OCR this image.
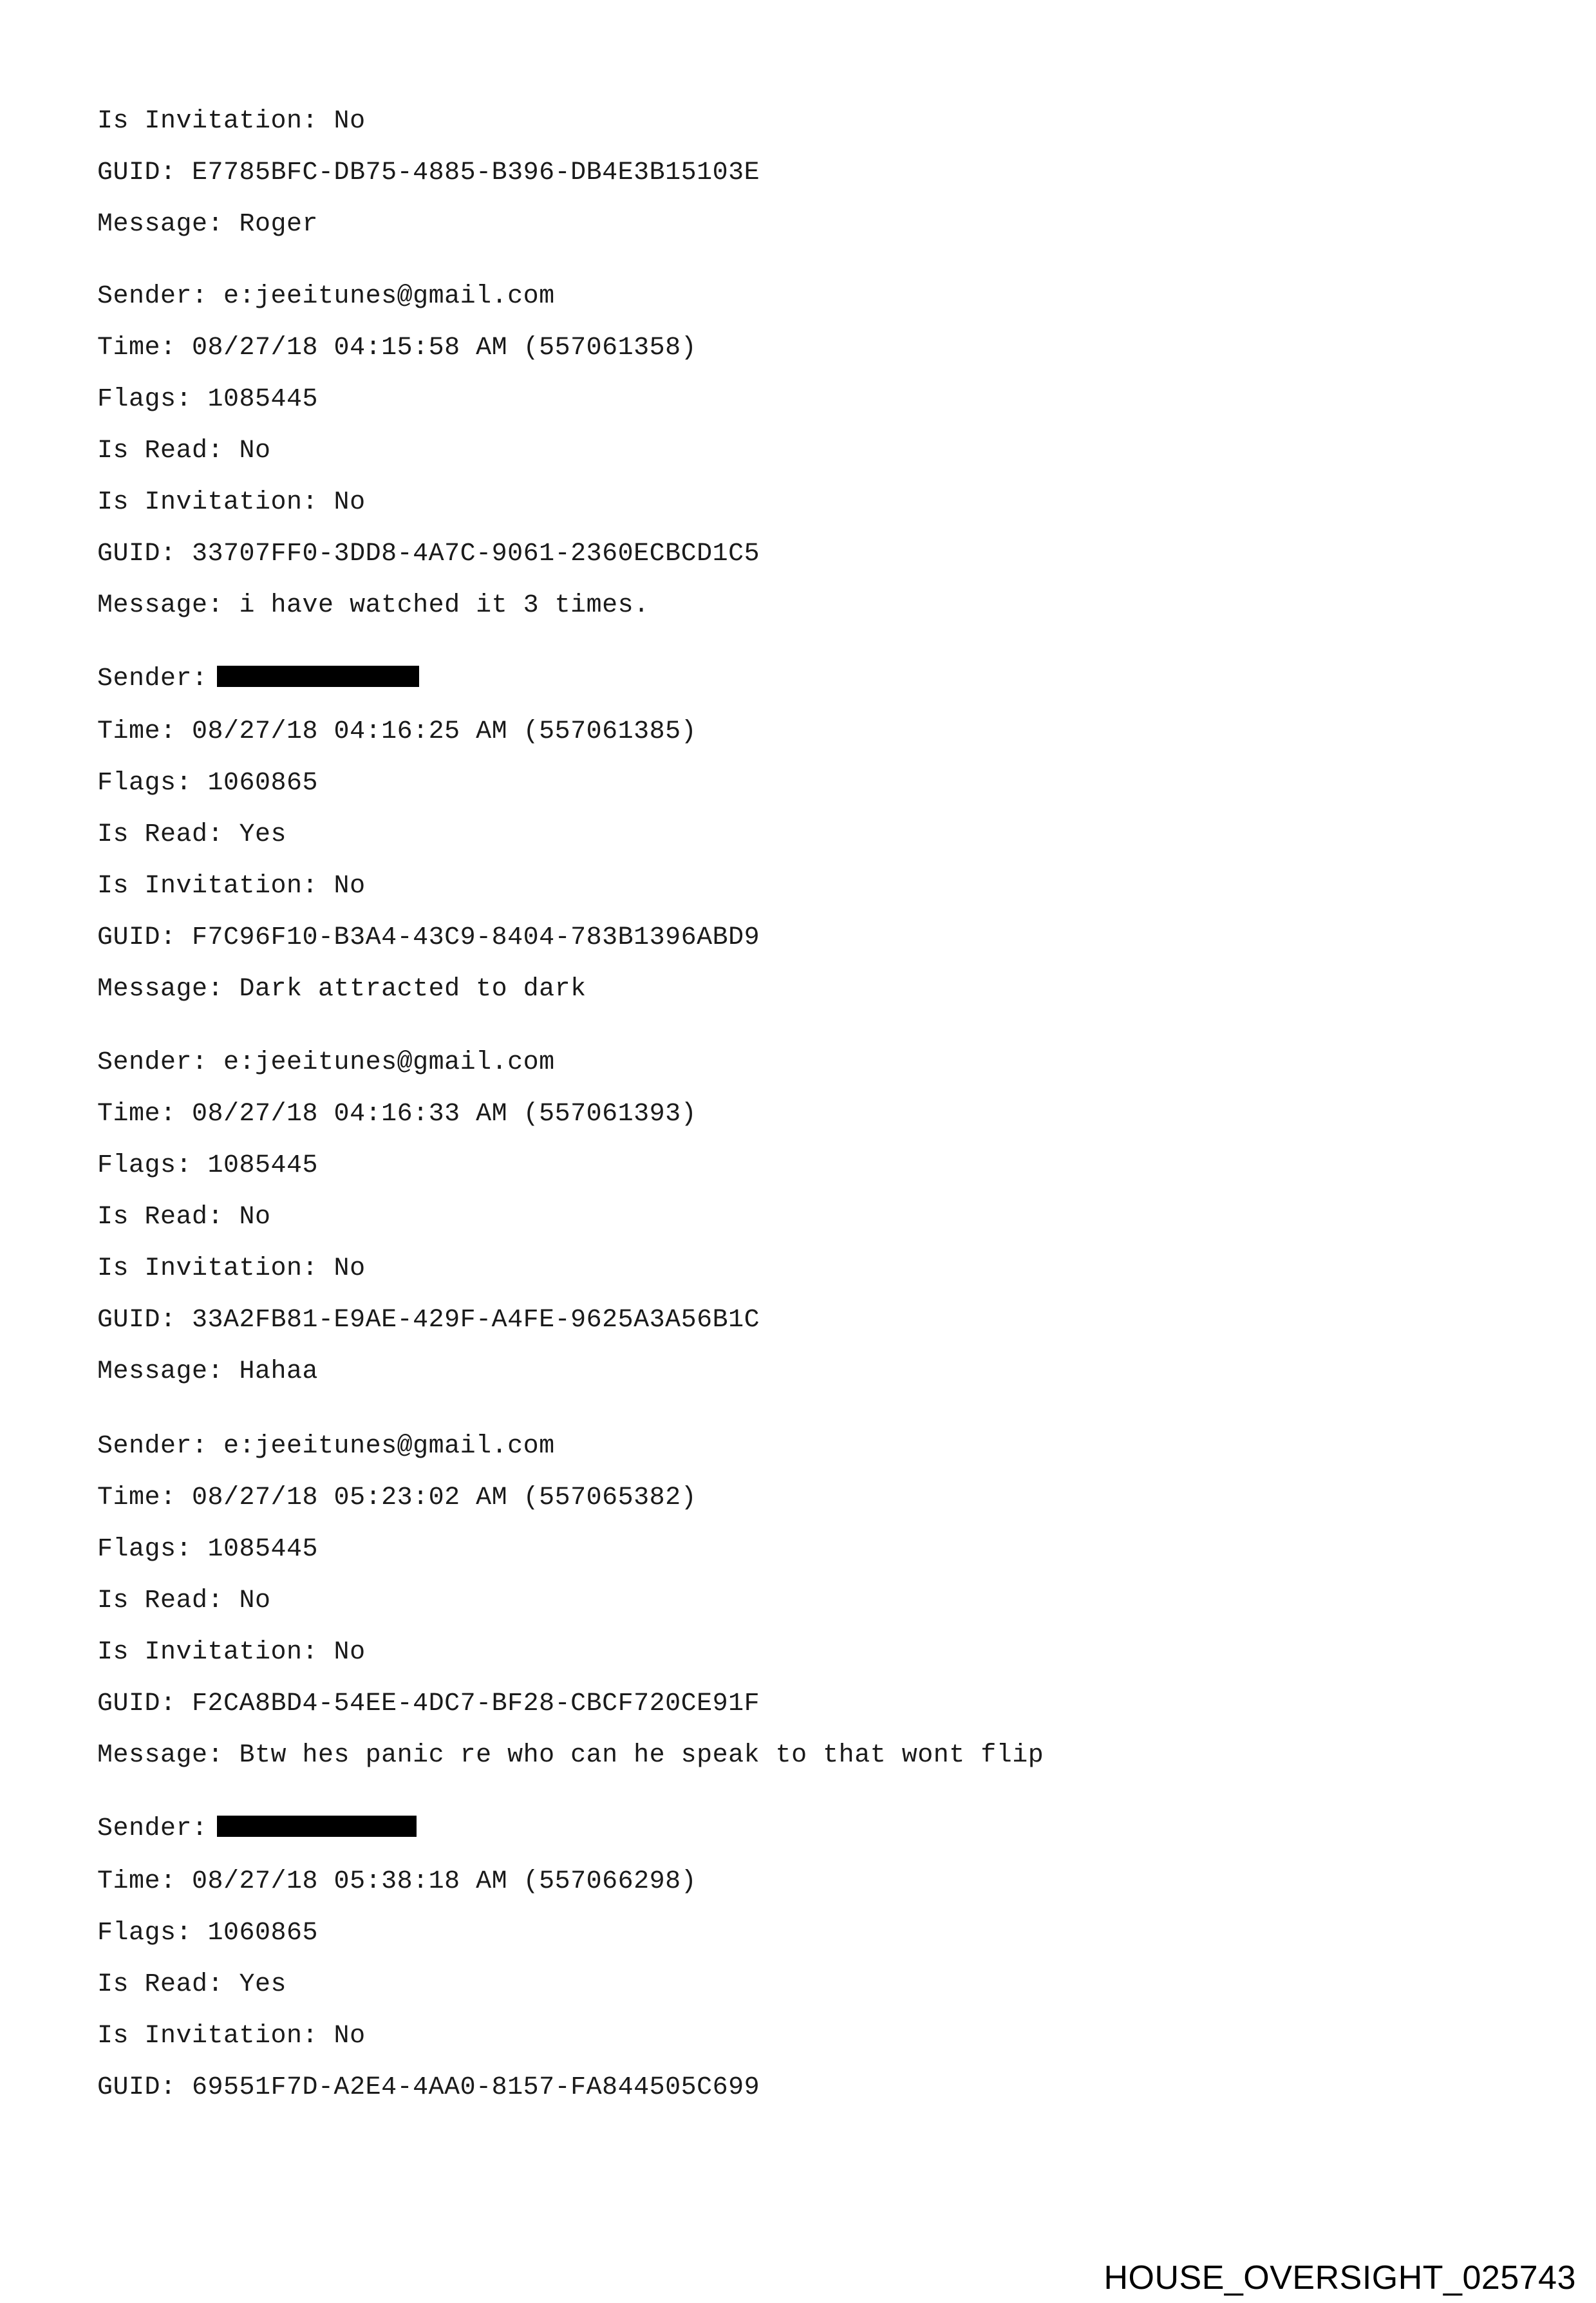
Is Invitation: No
GUID: E7785BFC-DB75-4885-B396-DB4E3B15103E
Message: Roger
Sender: e:jeeitunes@gmail.com
Time: 08/27/18 04:15:58 AM (557061358)
Flags: 1085445
Is Read: No
Is Invitation: No
GUID: 33707FF0-3DD8-4A7C-9061-2360ECBCD1C5
Message: i have watched it 3 times.
Sender:
Time: 08/27/18 04:16:25 AM (557061385)
Flags: 1060865
Is Read: Yes
Is Invitation: No
GUID: F7C96F10-B3A4-43C9-8404-783B1396ABD9
Message: Dark attracted to dark
Sender: e:jeeitunes@gmail.com
Time: 08/27/18 04:16:33 AM (557061393)
Flags: 1085445
Is Read: No
Is Invitation: No
GUID: 33A2FB81-E9AE-429F-A4FE-9625A3A56B1C
Message: Hahaa
Sender: e:jeeitunes@gmail.com
Time: 08/27/18 05:23:02 AM (557065382)
Flags: 1085445
Is Read: No
Is Invitation: No
GUID: F2CA8BD4-54EE-4DC7-BF28-CBCF720CE91F
Message: Btw hes panic re who can he speak to that wont flip
Sender:
Time: 08/27/18 05:38:18 AM (557066298)
Flags: 1060865
Is Read: Yes
Is Invitation: No
GUID: 69551F7D-A2E4-4AA0-8157-FA844505C699
HOUSE_OVERSIGHT_025743
